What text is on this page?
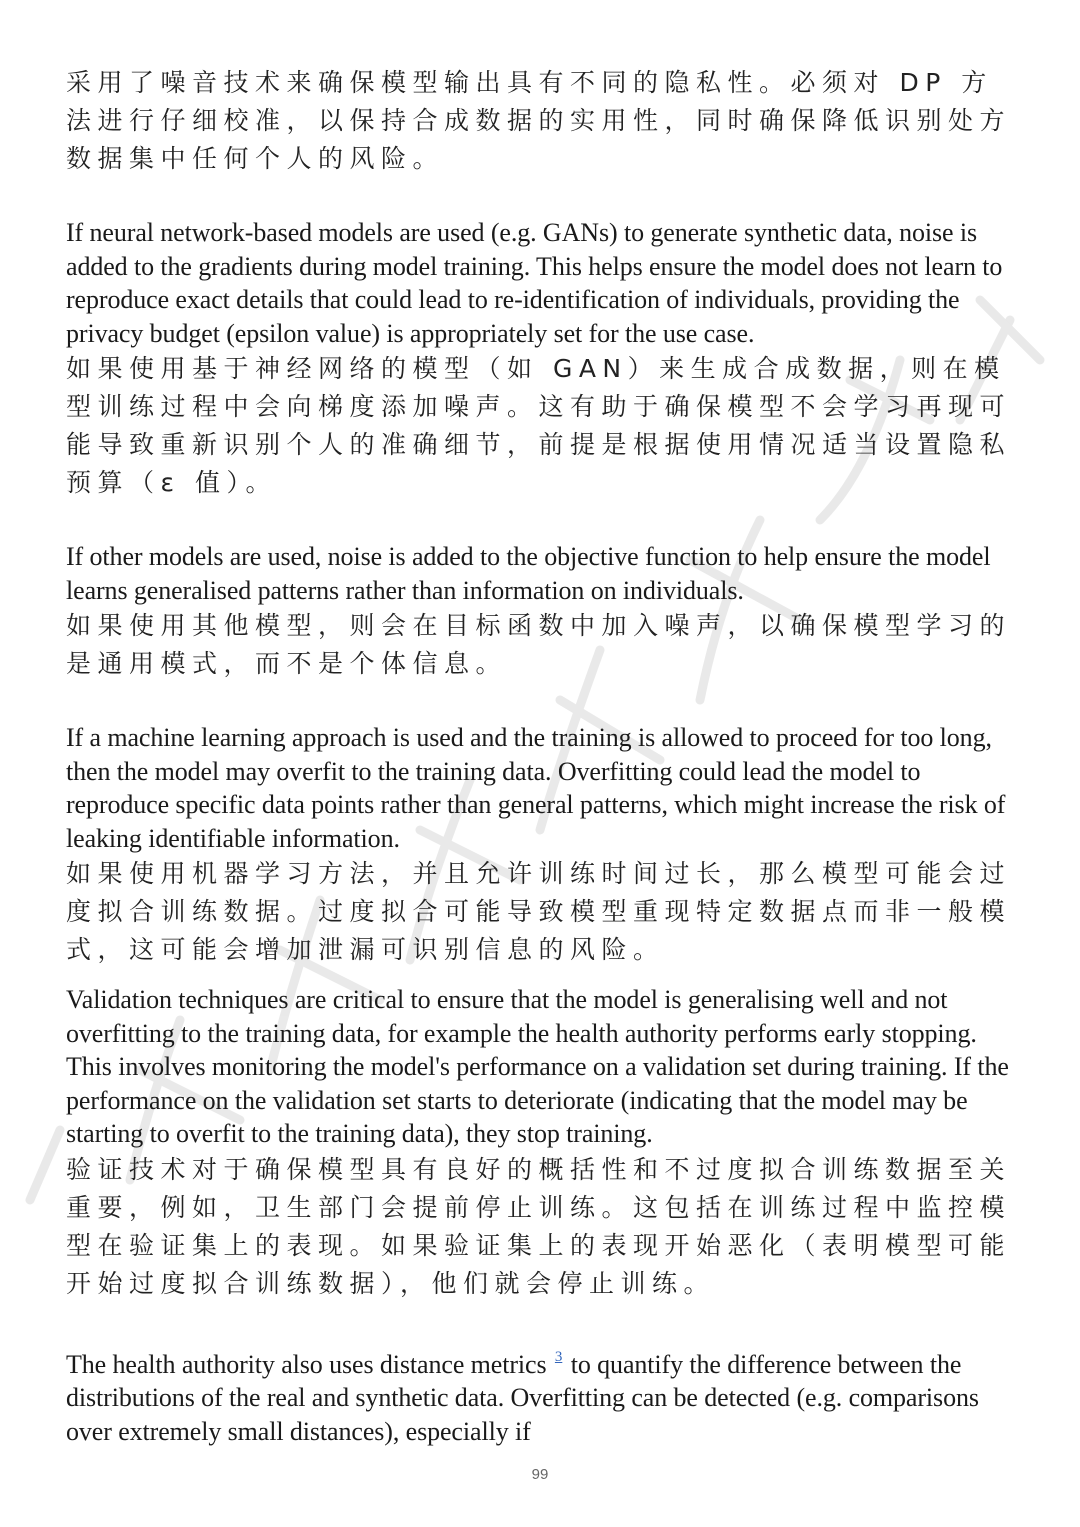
采用了噪音技术来确保模型输出具有不同的隐私性。必须对 DP 方法进行仔细校准，以保持合成数据的实用性，同时确保降低识别处方数据集中任何个人的风险。

If neural network-based models are used (e.g. GANs) to generate synthetic data, noise is added to the gradients during model training. This helps ensure the model does not learn to reproduce exact details that could lead to re-identification of individuals, providing the privacy budget (epsilon value) is appropriately set for the use case.

如果使用基于神经网络的模型（如 GAN）来生成合成数据，则在模型训练过程中会向梯度添加噪声。这有助于确保模型不会学习再现可能导致重新识别个人的准确细节，前提是根据使用情况适当设置隐私预算（ε 值）。

If other models are used, noise is added to the objective function to help ensure the model learns generalised patterns rather than information on individuals.

如果使用其他模型，则会在目标函数中加入噪声，以确保模型学习的是通用模式，而不是个体信息。

If a machine learning approach is used and the training is allowed to proceed for too long, then the model may overfit to the training data. Overfitting could lead the model to reproduce specific data points rather than general patterns, which might increase the risk of leaking identifiable information.

如果使用机器学习方法，并且允许训练时间过长，那么模型可能会过度拟合训练数据。过度拟合可能导致模型重现特定数据点而非一般模式，这可能会增加泄漏可识别信息的风险。

Validation techniques are critical to ensure that the model is generalising well and not overfitting to the training data, for example the health authority performs early stopping. This involves monitoring the model's performance on a validation set during training. If the performance on the validation set starts to deteriorate (indicating that the model may be starting to overfit to the training data), they stop training.

验证技术对于确保模型具有良好的概括性和不过度拟合训练数据至关重要，例如，卫生部门会提前停止训练。这包括在训练过程中监控模型在验证集上的表现。如果验证集上的表现开始恶化（表明模型可能开始过度拟合训练数据），他们就会停止训练。

The health authority also uses distance metrics $^3$ to quantify the difference between the distributions of the real and synthetic data. Overfitting can be detected (e.g. comparisons over extremely small distances), especially if

99
